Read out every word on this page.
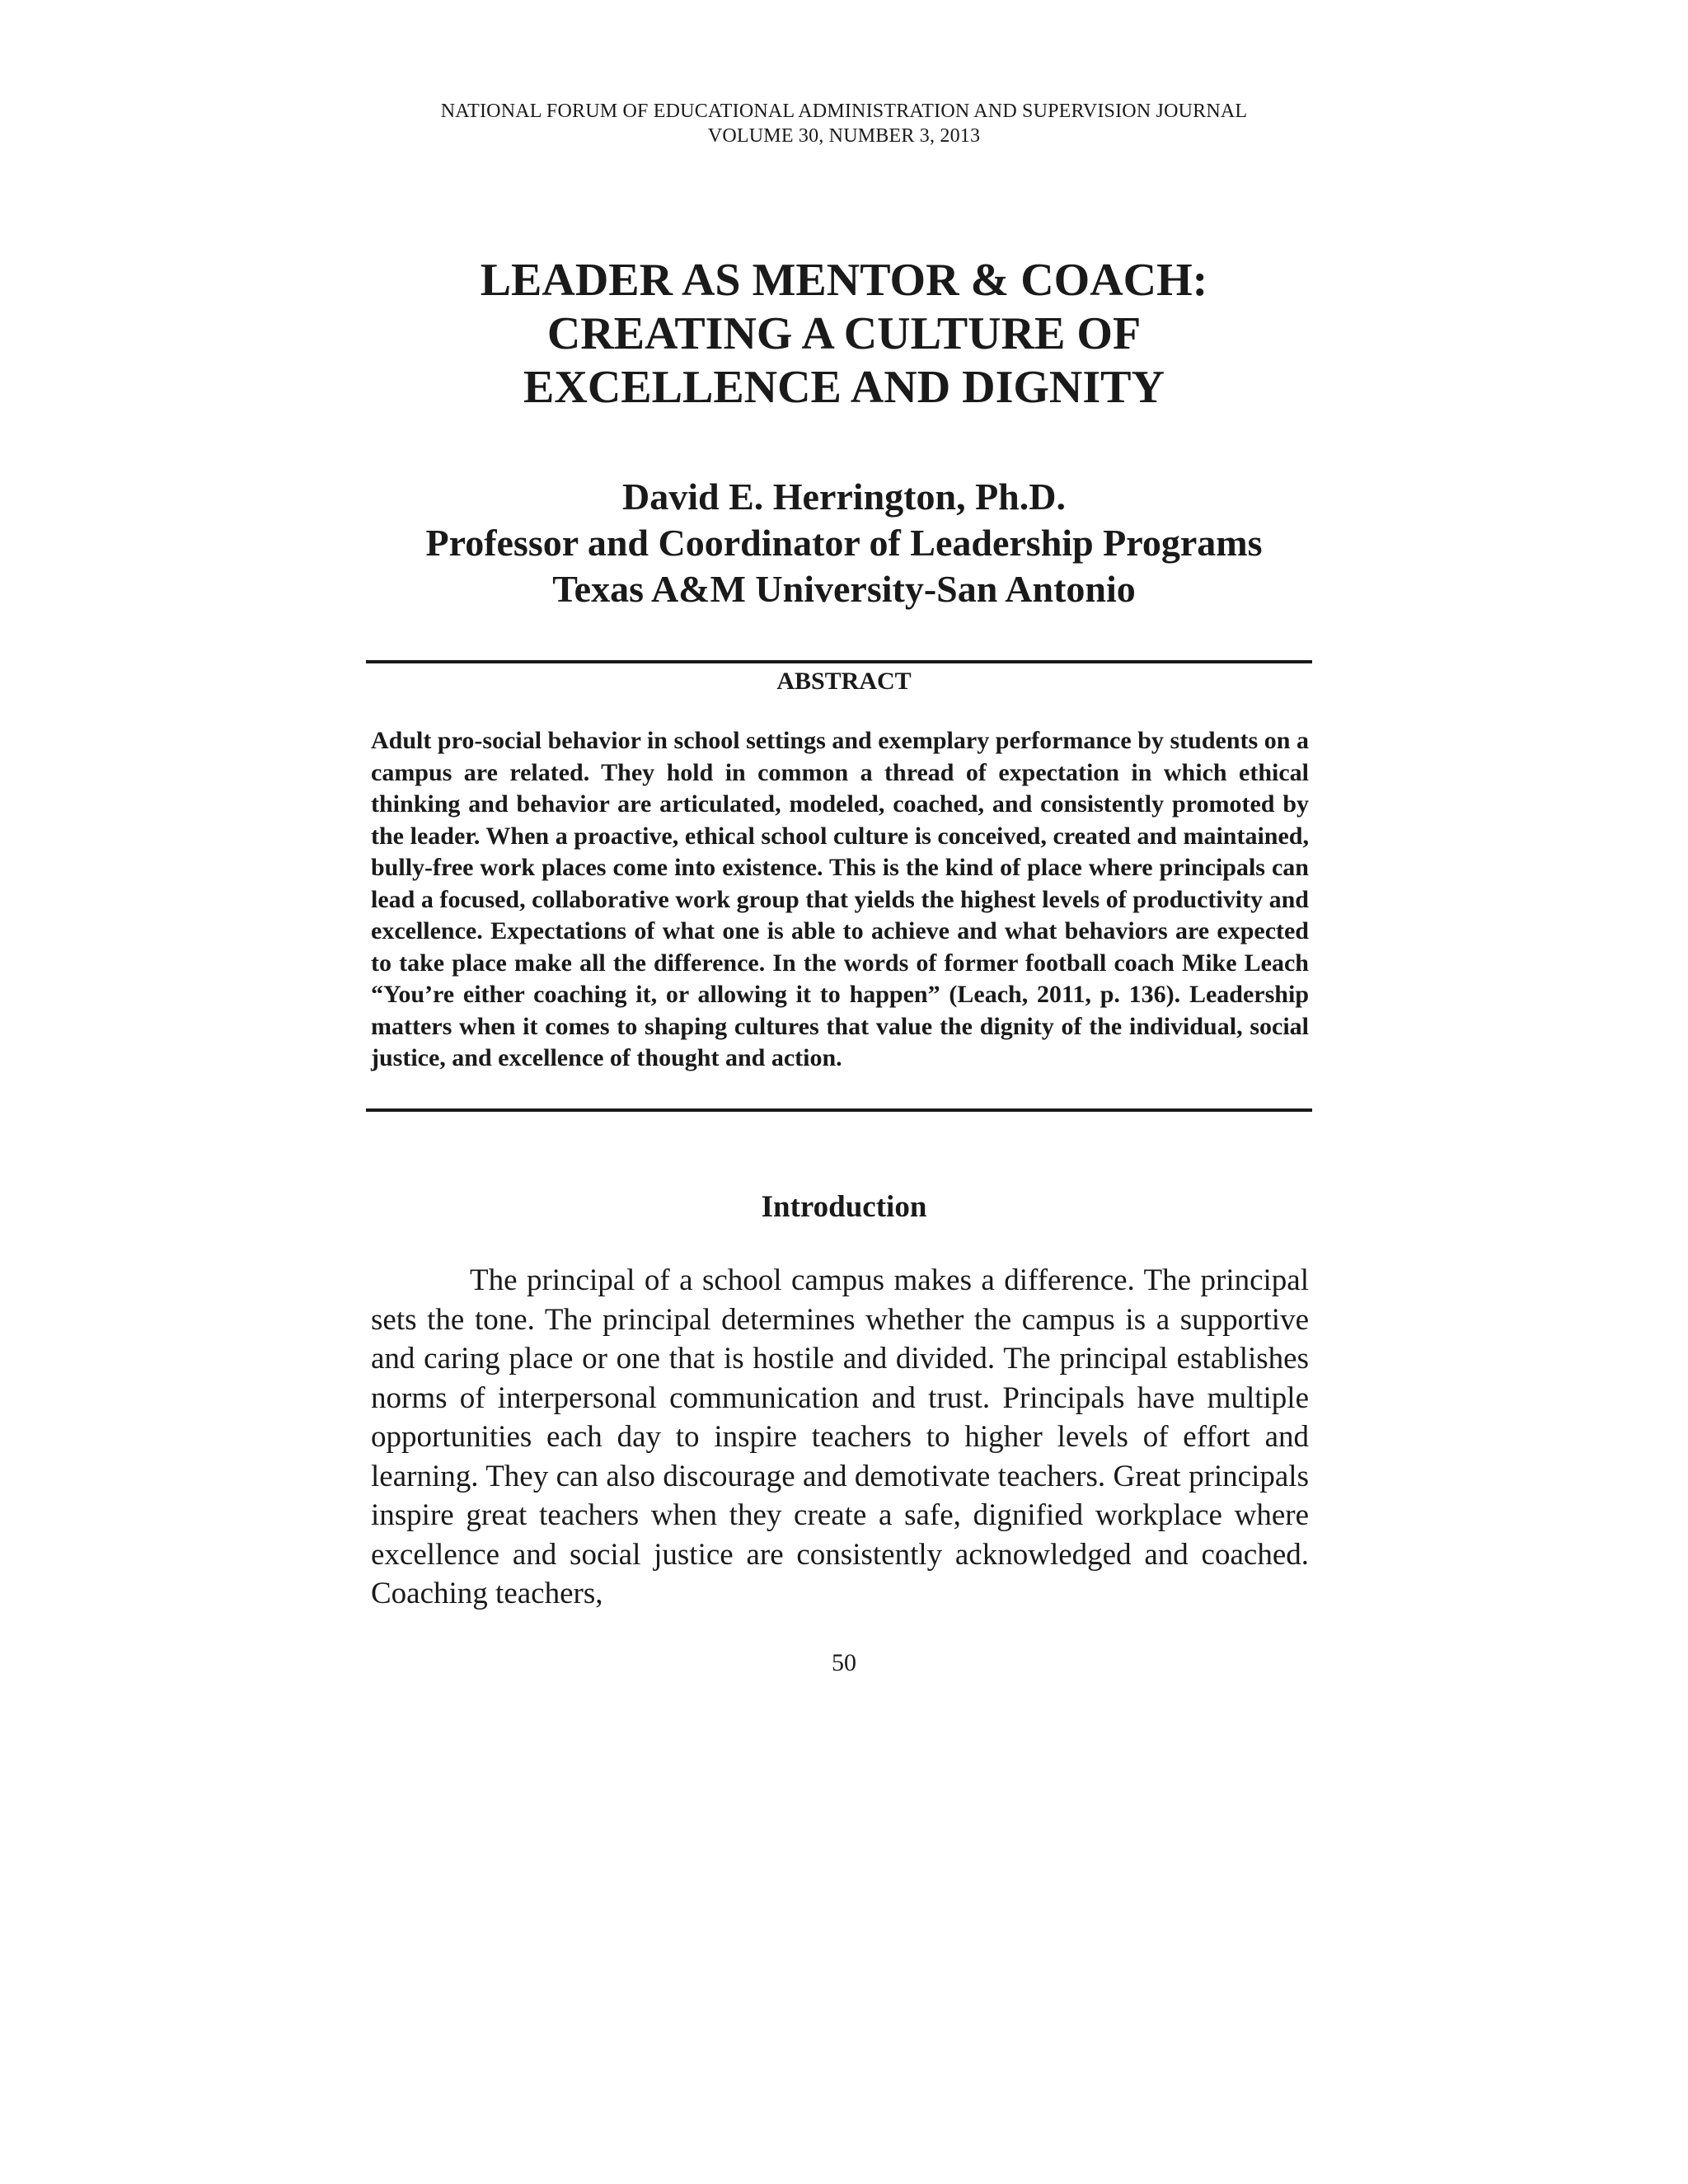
NATIONAL FORUM OF EDUCATIONAL ADMINISTRATION AND SUPERVISION JOURNAL
VOLUME 30, NUMBER 3, 2013
LEADER AS MENTOR & COACH:
CREATING A CULTURE OF
EXCELLENCE AND DIGNITY
David E. Herrington, Ph.D.
Professor and Coordinator of Leadership Programs
Texas A&M University-San Antonio
ABSTRACT

Adult pro-social behavior in school settings and exemplary performance by students on a campus are related. They hold in common a thread of expectation in which ethical thinking and behavior are articulated, modeled, coached, and consistently promoted by the leader. When a proactive, ethical school culture is conceived, created and maintained, bully-free work places come into existence. This is the kind of place where principals can lead a focused, collaborative work group that yields the highest levels of productivity and excellence. Expectations of what one is able to achieve and what behaviors are expected to take place make all the difference. In the words of former football coach Mike Leach “You’re either coaching it, or allowing it to happen” (Leach, 2011, p. 136). Leadership matters when it comes to shaping cultures that value the dignity of the individual, social justice, and excellence of thought and action.

Introduction

The principal of a school campus makes a difference. The principal sets the tone. The principal determines whether the campus is a supportive and caring place or one that is hostile and divided. The principal establishes norms of interpersonal communication and trust. Principals have multiple opportunities each day to inspire teachers to higher levels of effort and learning. They can also discourage and demotivate teachers. Great principals inspire great teachers when they create a safe, dignified workplace where excellence and social justice are consistently acknowledged and coached. Coaching teachers,

50
